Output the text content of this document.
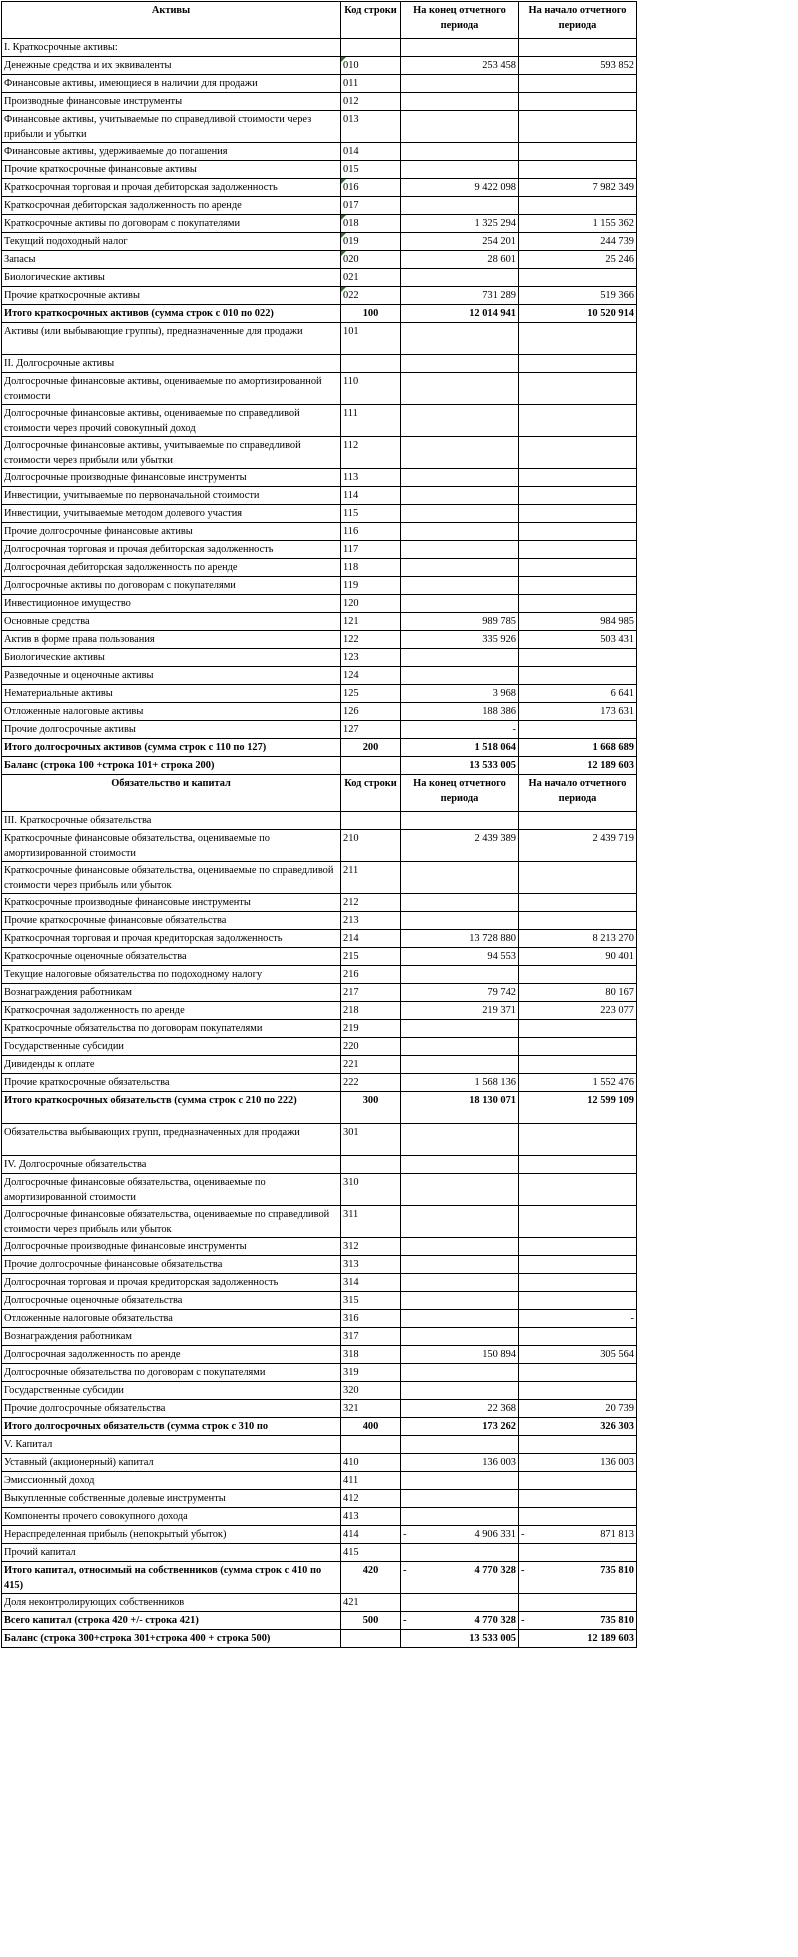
Активы	Код строки	На конец отчетного периода	На начало отчетного периода
I. Краткосрочные активы:			
Денежные средства и их эквиваленты	010	253 458	593 852
Финансовые активы, имеющиеся в наличии для продажи	011		
Производные финансовые инструменты	012		
Финансовые активы, учитываемые по справедливой стоимости через прибыли и убытки	013		
Финансовые активы, удерживаемые до погашения	014		
Прочие краткосрочные финансовые активы	015		
Краткосрочная торговая и прочая дебиторская задолженность	016	9 422 098	7 982 349
Краткосрочная дебиторская задолженность по аренде	017		
Краткосрочные активы по договорам с покупателями	018	1 325 294	1 155 362
Текущий подоходный налог	019	254 201	244 739
Запасы	020	28 601	25 246
Биологические активы	021		
Прочие краткосрочные активы	022	731 289	519 366
Итого краткосрочных активов (сумма строк с 010 по 022)	100	12 014 941	10 520 914
Активы (или выбывающие группы), предназначенные для продажи	101		
II. Долгосрочные активы			
Долгосрочные финансовые активы, оцениваемые по амортизированной стоимости	110		
Долгосрочные финансовые активы, оцениваемые по справедливой стоимости через прочий совокупный доход	111		
Долгосрочные финансовые активы, учитываемые по справедливой стоимости через прибыли или убытки	112		
Долгосрочные производные финансовые инструменты	113		
Инвестиции, учитываемые по первоначальной стоимости	114		
Инвестиции, учитываемые методом долевого участия	115		
Прочие долгосрочные финансовые активы	116		
Долгосрочная торговая и прочая дебиторская задолженность	117		
Долгосрочная дебиторская задолженность по аренде	118		
Долгосрочные активы по договорам с покупателями	119		
Инвестиционное имущество	120		
Основные средства	121	989 785	984 985
Актив в форме права пользования	122	335 926	503 431
Биологические активы	123		
Разведочные и оценочные активы	124		
Нематериальные активы	125	3 968	6 641
Отложенные налоговые активы	126	188 386	173 631
Прочие долгосрочные активы	127	-	
Итого долгосрочных активов (сумма строк с 110 по 127)	200	1 518 064	1 668 689
Баланс (строка 100 +строка 101+ строка 200)		13 533 005	12 189 603
Обязательство и капитал	Код строки	На конец отчетного периода	На начало отчетного периода
III. Краткосрочные обязательства			
Краткосрочные финансовые обязательства, оцениваемые по амортизированной стоимости	210	2 439 389	2 439 719
Краткосрочные финансовые обязательства, оцениваемые по справедливой стоимости через прибыль или убыток	211		
Краткосрочные производные финансовые инструменты	212		
Прочие краткосрочные финансовые обязательства	213		
Краткосрочная торговая и прочая кредиторская задолженность	214	13 728 880	8 213 270
Краткосрочные оценочные обязательства	215	94 553	90 401
Текущие налоговые обязательства по подоходному налогу	216		
Вознаграждения работникам	217	79 742	80 167
Краткосрочная задолженность по аренде	218	219 371	223 077
Краткосрочные обязательства по договорам покупателями	219		
Государственные субсидии	220		
Дивиденды к оплате	221		
Прочие краткосрочные обязательства	222	1 568 136	1 552 476
Итого краткосрочных обязательств (сумма строк с 210 по 222)	300	18 130 071	12 599 109
Обязательства выбывающих групп, предназначенных для продажи	301		
IV. Долгосрочные обязательства			
Долгосрочные финансовые обязательства, оцениваемые по амортизированной стоимости	310		
Долгосрочные финансовые обязательства, оцениваемые по справедливой стоимости через прибыль или убыток	311		
Долгосрочные производные финансовые инструменты	312		
Прочие долгосрочные финансовые обязательства	313		
Долгосрочная торговая и прочая кредиторская задолженность	314		
Долгосрочные оценочные обязательства	315		
Отложенные налоговые обязательства	316		-
Вознаграждения работникам	317		
Долгосрочная задолженность по аренде	318	150 894	305 564
Долгосрочные обязательства по договорам с покупателями	319		
Государственные субсидии	320		
Прочие долгосрочные обязательства	321	22 368	20 739
Итого долгосрочных обязательств (сумма строк с 310 по	400	173 262	326 303
V. Капитал			
Уставный (акционерный) капитал	410	136 003	136 003
Эмиссионный доход	411		
Выкупленные собственные долевые инструменты	412		
Компоненты прочего совокупного дохода	413		
Нераспределенная прибыль (непокрытый убыток)	414	- 4 906 331	- 871 813

Прочий капитал	415		
Итого капитал, относимый на собственников (сумма строк с 410 по 415)	420	- 4 770 328	- 735 810

Доля неконтролирующих собственников	421		
Всего капитал (строка 420 +/- строка 421)	500	- 4 770 328	- 735 810

Баланс (строка 300+строка 301+строка 400 + строка 500)		13 533 005	12 189 603
